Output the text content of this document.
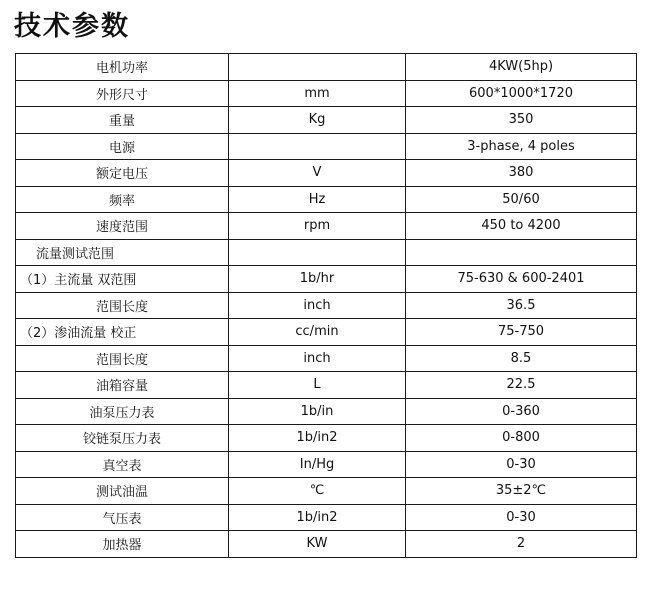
技术参数
电机功率		4KW(5hp)
外形尺寸	mm	600*1000*1720
重量	Kg	350
电源		3-phase, 4 poles
额定电压	V	380
频率	Hz	50/60
速度范围	rpm	450 to 4200
流量测试范围		
（1）主流量 双范围	1b/hr	75-630 & 600-2401
范围长度	inch	36.5
（2）渗油流量 校正	cc/min	75-750
范围长度	inch	8.5
油箱容量	L	22.5
油泵压力表	1b/in	0-360
铰链泵压力表	1b/in2	0-800
真空表	In/Hg	0-30
测试油温	℃	35±2℃
气压表	1b/in2	0-30
加热器	KW	2
